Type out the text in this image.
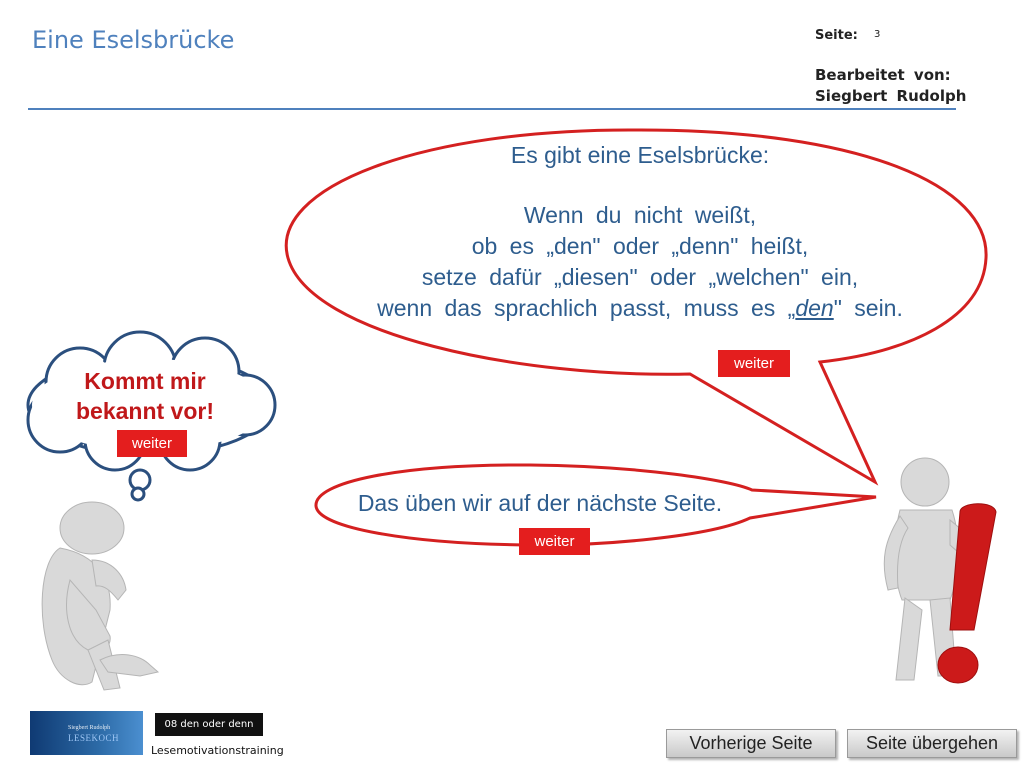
Eine Eselsbrücke	Seite: 3
Bearbeitet von:
Siegbert Rudolph
Es gibt eine Eselsbrücke:
Wenn du nicht weißt,
ob es „den" oder „denn" heißt,
setze dafür „diesen" oder „welchen" ein,
wenn das sprachlich passt, muss es „den" sein.
weiter
Kommt mir
bekannt vor!
weiter
Das üben wir auf der nächste Seite.
weiter
Siegbert Rudolph
LESEKOCH
08 den oder denn
Lesemotivationstraining	Vorherige Seite	Seite übergehen
